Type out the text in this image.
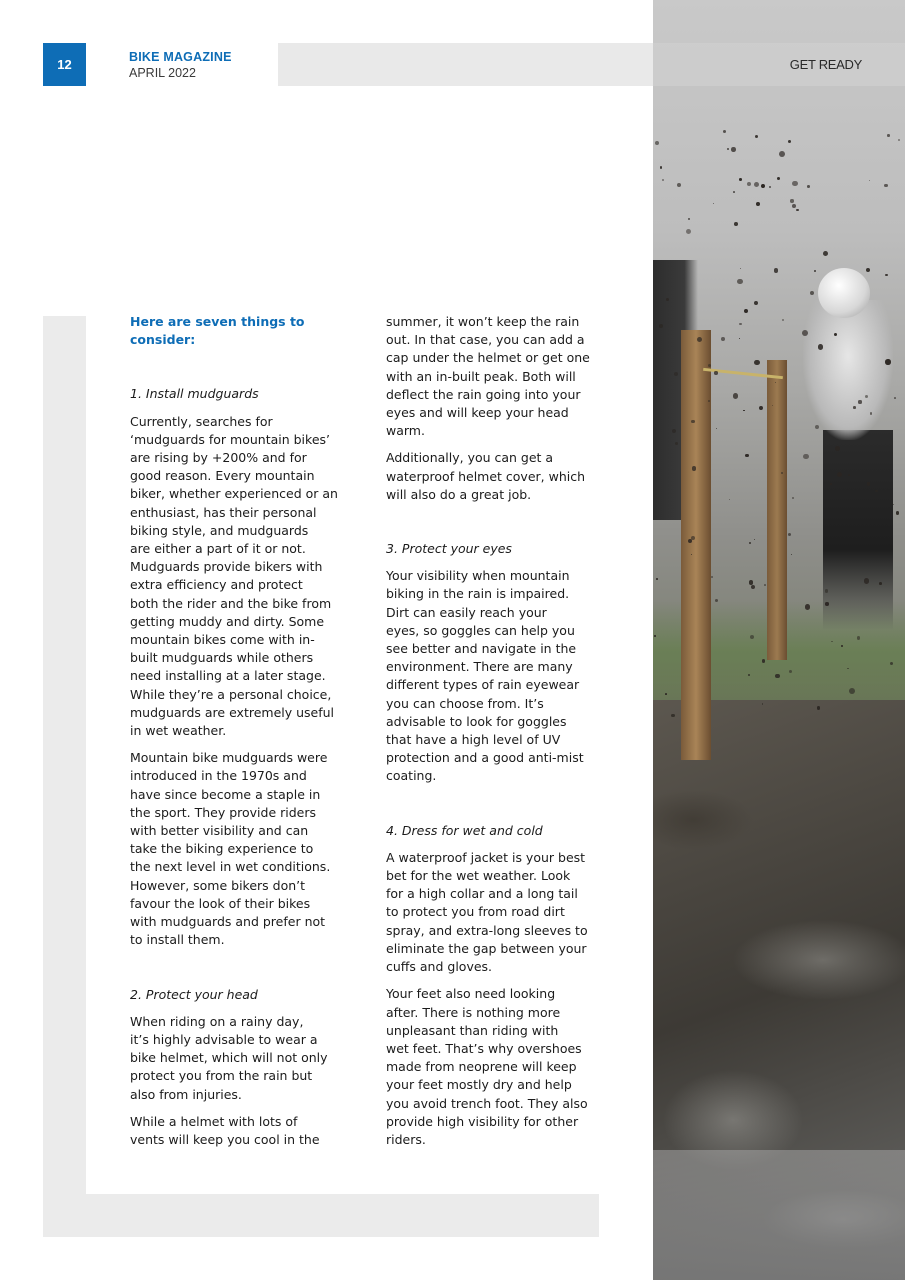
12	BIKE MAGAZINE
APRIL 2022
GET READY

Here are seven things to
consider:

1. Install mudguards

Currently, searches for
‘mudguards for mountain bikes’
are rising by +200% and for
good reason. Every mountain
biker, whether experienced or an
enthusiast, has their personal
biking style, and mudguards
are either a part of it or not.
Mudguards provide bikers with
extra efficiency and protect
both the rider and the bike from
getting muddy and dirty. Some
mountain bikes come with in-
built mudguards while others
need installing at a later stage.
While they’re a personal choice,
mudguards are extremely useful
in wet weather.

Mountain bike mudguards were
introduced in the 1970s and
have since become a staple in
the sport. They provide riders
with better visibility and can
take the biking experience to
the next level in wet conditions.
However, some bikers don’t
favour the look of their bikes
with mudguards and prefer not
to install them.

2. Protect your head

When riding on a rainy day,
it’s highly advisable to wear a
bike helmet, which will not only
protect you from the rain but
also from injuries.

While a helmet with lots of
vents will keep you cool in the

summer, it won’t keep the rain
out. In that case, you can add a
cap under the helmet or get one
with an in-built peak. Both will
deflect the rain going into your
eyes and will keep your head
warm.

Additionally, you can get a
waterproof helmet cover, which
will also do a great job.

3. Protect your eyes

Your visibility when mountain
biking in the rain is impaired.
Dirt can easily reach your
eyes, so goggles can help you
see better and navigate in the
environment. There are many
different types of rain eyewear
you can choose from. It’s
advisable to look for goggles
that have a high level of UV
protection and a good anti-mist
coating.

4. Dress for wet and cold

A waterproof jacket is your best
bet for the wet weather. Look
for a high collar and a long tail
to protect you from road dirt
spray, and extra-long sleeves to
eliminate the gap between your
cuffs and gloves.

Your feet also need looking
after. There is nothing more
unpleasant than riding with
wet feet. That’s why overshoes
made from neoprene will keep
your feet mostly dry and help
you avoid trench foot. They also
provide high visibility for other
riders.
